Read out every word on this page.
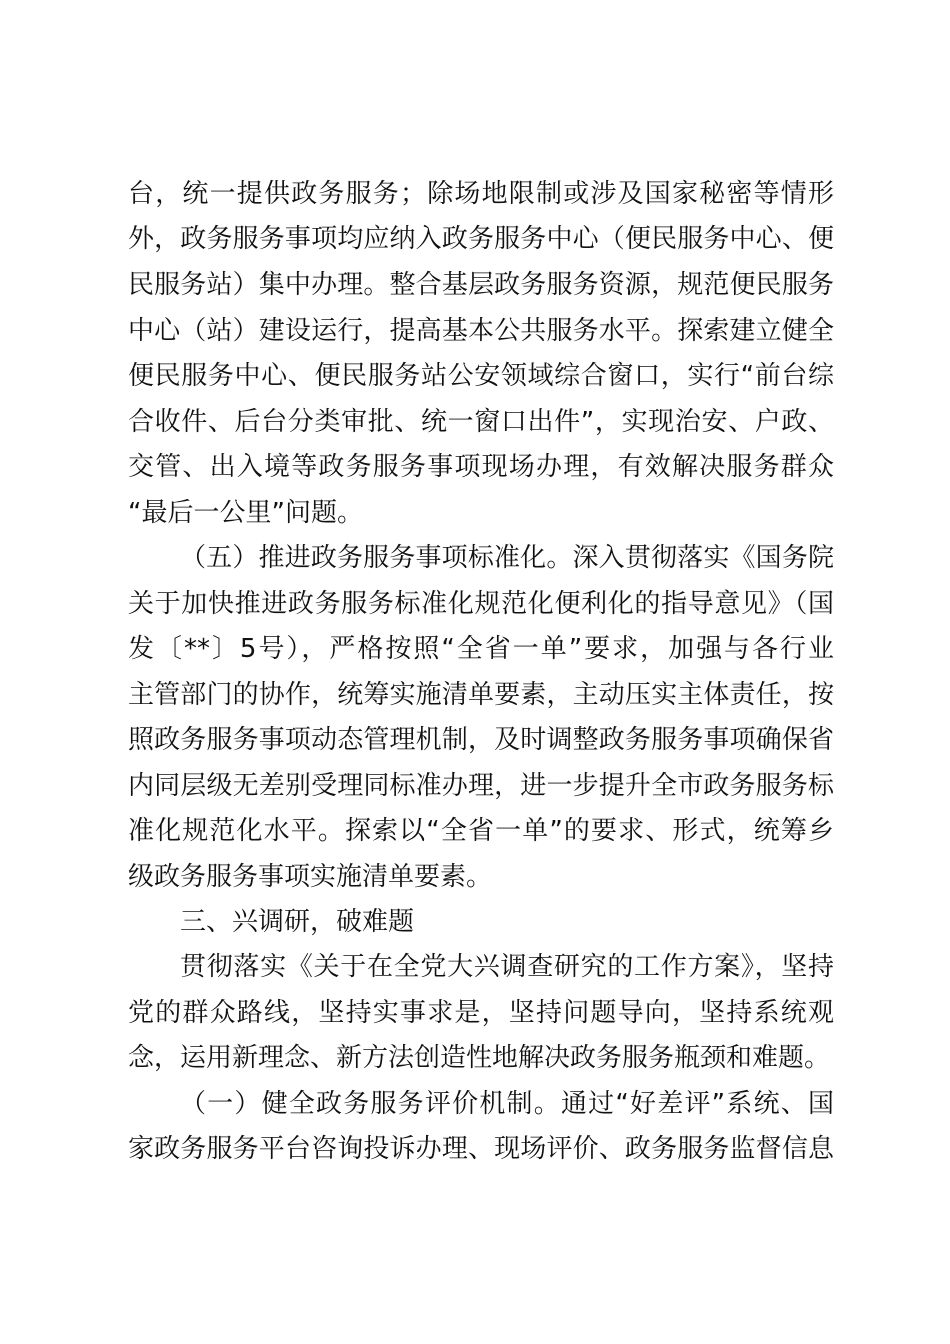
台，统一提供政务服务；除场地限制或涉及国家秘密等情形
外，政务服务事项均应纳入政务服务中心（便民服务中心、便
民服务站）集中办理。整合基层政务服务资源，规范便民服务
中心（站）建设运行，提高基本公共服务水平。探索建立健全
便民服务中心、便民服务站公安领域综合窗口，实行“前台综
合收件、后台分类审批、统一窗口出件”，实现治安、户政、
交管、出入境等政务服务事项现场办理，有效解决服务群众
“最后一公里”问题。
（五）推进政务服务事项标准化。深入贯彻落实《国务院
关于加快推进政务服务标准化规范化便利化的指导意见》（国
发〔**〕5号），严格按照“全省一单”要求，加强与各行业
主管部门的协作，统筹实施清单要素，主动压实主体责任，按
照政务服务事项动态管理机制，及时调整政务服务事项确保省
内同层级无差别受理同标准办理，进一步提升全市政务服务标
准化规范化水平。探索以“全省一单”的要求、形式，统筹乡
级政务服务事项实施清单要素。
三、兴调研，破难题
贯彻落实《关于在全党大兴调查研究的工作方案》，坚持
党的群众路线，坚持实事求是，坚持问题导向，坚持系统观
念，运用新理念、新方法创造性地解决政务服务瓶颈和难题。
（一）健全政务服务评价机制。通过“好差评”系统、国
家政务服务平台咨询投诉办理、现场评价、政务服务监督信息
